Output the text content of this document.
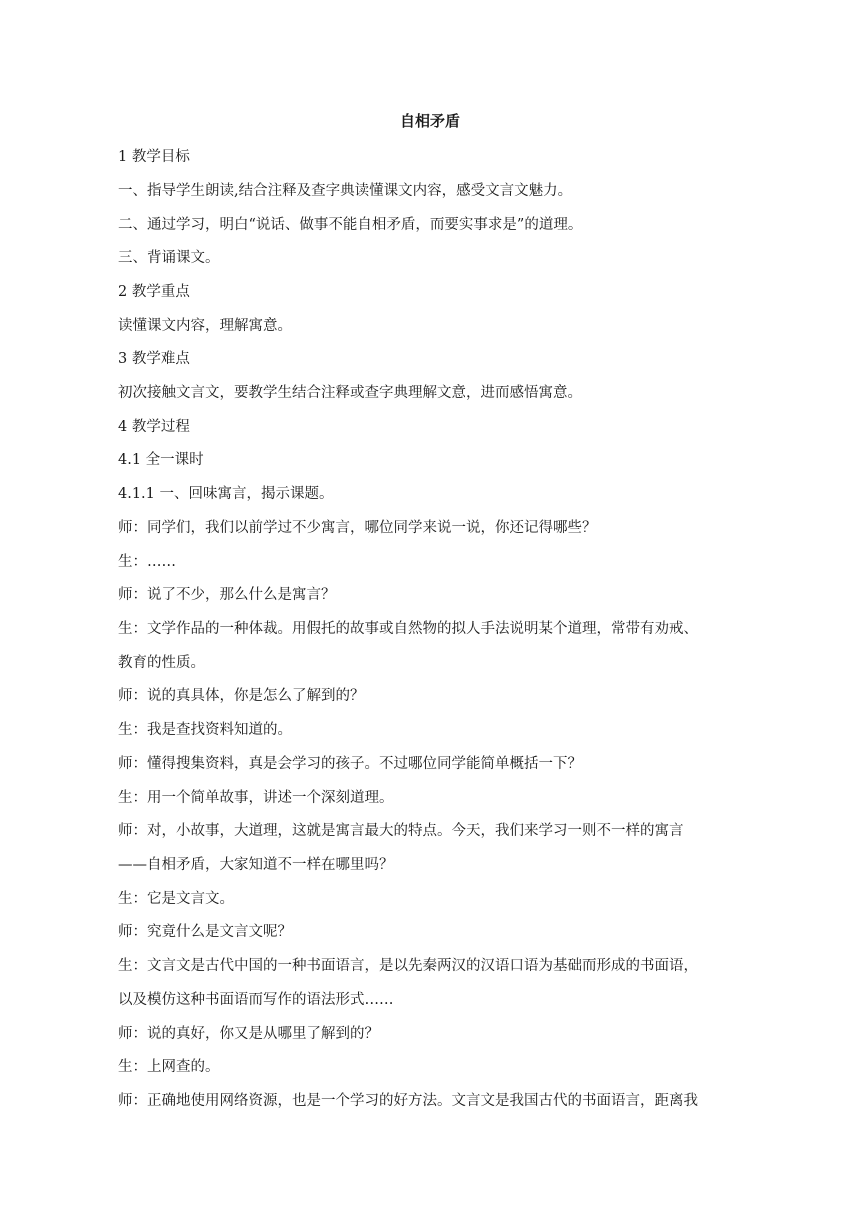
自相矛盾
1 教学目标
一、指导学生朗读,结合注释及查字典读懂课文内容，感受文言文魅力。
二、通过学习，明白“说话、做事不能自相矛盾，而要实事求是”的道理。
三、背诵课文。
2 教学重点
读懂课文内容，理解寓意。
3 教学难点
初次接触文言文，要教学生结合注释或查字典理解文意，进而感悟寓意。
4 教学过程
4.1 全一课时
4.1.1 一、回味寓言，揭示课题。
师：同学们，我们以前学过不少寓言，哪位同学来说一说，你还记得哪些？
生：……
师：说了不少，那么什么是寓言？
生：文学作品的一种体裁。用假托的故事或自然物的拟人手法说明某个道理，常带有劝戒、
教育的性质。
师：说的真具体，你是怎么了解到的？
生：我是查找资料知道的。
师：懂得搜集资料，真是会学习的孩子。不过哪位同学能简单概括一下？
生：用一个简单故事，讲述一个深刻道理。
师：对，小故事，大道理，这就是寓言最大的特点。今天，我们来学习一则不一样的寓言
——自相矛盾，大家知道不一样在哪里吗？
生：它是文言文。
师：究竟什么是文言文呢？
生：文言文是古代中国的一种书面语言，是以先秦两汉的汉语口语为基础而形成的书面语，
以及模仿这种书面语而写作的语法形式……
师：说的真好，你又是从哪里了解到的？
生：上网查的。
师：正确地使用网络资源，也是一个学习的好方法。文言文是我国古代的书面语言，距离我
